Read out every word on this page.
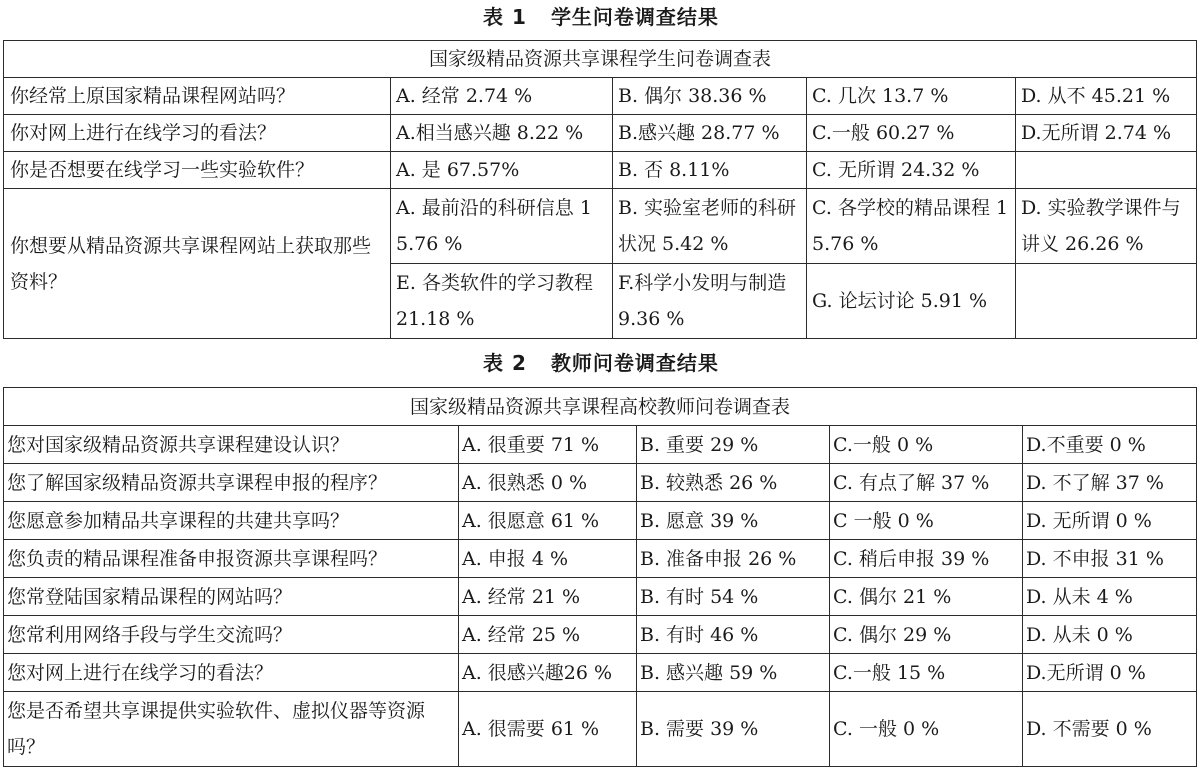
表 1 学生问卷调查结果
国家级精品资源共享课程学生问卷调查表				
你经常上原国家精品课程网站吗？	A. 经常 2.74 %	B. 偶尔 38.36 %	C. 几次 13.7 %	D. 从不 45.21 %
你对网上进行在线学习的看法？	A.相当感兴趣 8.22 %	B.感兴趣 28.77 %	C.一般 60.27 %	D.无所谓 2.74 %
你是否想要在线学习一些实验软件？	A. 是 67.57%	B. 否 8.11%	C. 无所谓 24.32 %	
你想要从精品资源共享课程网站上获取那些资料？	A. 最前沿的科研信息 15.76 %	B. 实验室老师的科研状况 5.42 %	C. 各学校的精品课程 15.76 %	D. 实验教学课件与讲义 26.26 %
	E. 各类软件的学习教程 21.18 %	F.科学小发明与制造 9.36 %	G. 论坛讨论 5.91 %	
表 2 教师问卷调查结果
国家级精品资源共享课程高校教师问卷调查表				
您对国家级精品资源共享课程建设认识？	A. 很重要 71 %	B. 重要 29 %	C.一般 0 %	D.不重要 0 %
您了解国家级精品资源共享课程申报的程序？	A. 很熟悉 0 %	B. 较熟悉 26 %	C. 有点了解 37 %	D. 不了解 37 %
您愿意参加精品共享课程的共建共享吗？	A. 很愿意 61 %	B. 愿意 39 %	C 一般 0 %	D. 无所谓 0 %
您负责的精品课程准备申报资源共享课程吗？	A. 申报 4 %	B. 准备申报 26 %	C. 稍后申报 39 %	D. 不申报 31 %
您常登陆国家精品课程的网站吗？	A. 经常 21 %	B. 有时 54 %	C. 偶尔 21 %	D. 从未 4 %
您常利用网络手段与学生交流吗？	A. 经常 25 %	B. 有时 46 %	C. 偶尔 29 %	D. 从未 0 %
您对网上进行在线学习的看法？	A. 很感兴趣26 %	B. 感兴趣 59 %	C.一般 15 %	D.无所谓 0 %
您是否希望共享课提供实验软件、虚拟仪器等资源吗？	A. 很需要 61 %	B. 需要 39 %	C. 一般 0 %	D. 不需要 0 %
